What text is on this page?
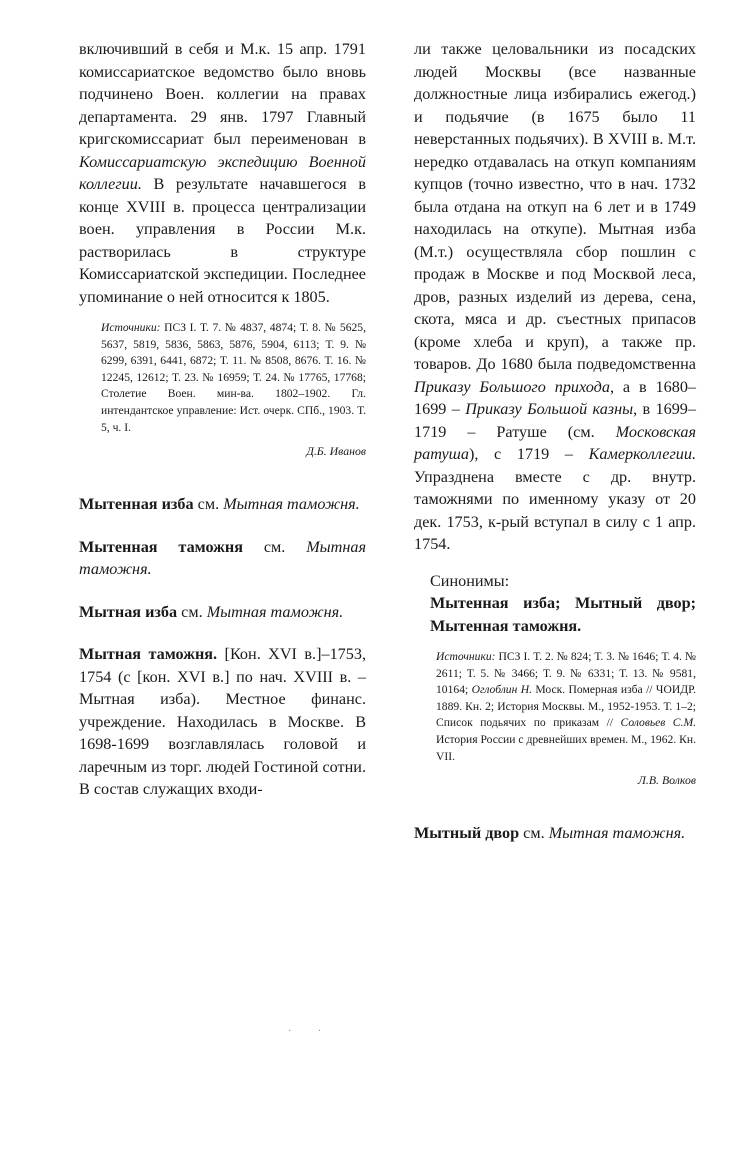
включивший в себя и М.к. 15 апр. 1791 комиссариатское ведомство было вновь подчинено Воен. коллегии на правах департамента. 29 янв. 1797 Главный кригскомиссариат был переименован в Комиссариатскую экспедицию Военной коллегии. В результате начавшегося в конце XVIII в. процесса централизации воен. управления в России М.к. растворилась в структуре Комиссариатской экспедиции. Последнее упоминание о ней относится к 1805.

Источники: ПСЗ I. Т. 7. № 4837, 4874; Т. 8. № 5625, 5637, 5819, 5836, 5863, 5876, 5904, 6113; Т. 9. № 6299, 6391, 6441, 6872; Т. 11. № 8508, 8676. Т. 16. № 12245, 12612; Т. 23. № 16959; Т. 24. № 17765, 17768; Столетие Воен. мин-ва. 1802–1902. Гл. интендантское управление: Ист. очерк. СПб., 1903. Т. 5, ч. I.

Д.Б. Иванов

Мытенная изба см. Мытная таможня.

Мытенная таможня см. Мытная таможня.

Мытная изба см. Мытная таможня.

Мытная таможня. [Кон. XVI в.]–1753, 1754 (с [кон. XVI в.] по нач. XVIII в. – Мытная изба). Местное финанс. учреждение. Находилась в Москве. В 1698-1699 возглавлялась головой и ларечным из торг. людей Гостиной сотни. В состав служащих входи-

ли также целовальники из посадских людей Москвы (все названные должностные лица избирались ежегод.) и подьячие (в 1675 было 11 неверстанных подьячих). В XVIII в. М.т. нередко отдавалась на откуп компаниям купцов (точно известно, что в нач. 1732 была отдана на откуп на 6 лет и в 1749 находилась на откупе). Мытная изба (М.т.) осуществляла сбор пошлин с продаж в Москве и под Москвой леса, дров, разных изделий из дерева, сена, скота, мяса и др. съестных припасов (кроме хлеба и круп), а также пр. товаров. До 1680 была подведомственна Приказу Большого прихода, а в 1680–1699 – Приказу Большой казны, в 1699–1719 – Ратуше (см. Московская ратуша), с 1719 – Камерколлегии. Упразднена вместе с др. внутр. таможнями по именному указу от 20 дек. 1753, к-рый вступал в силу с 1 апр. 1754.

Синонимы:

Мытенная изба; Мытный двор; Мытенная таможня.

Источники: ПСЗ I. Т. 2. № 824; Т. 3. № 1646; Т. 4. № 2611; Т. 5. № 3466; Т. 9. № 6331; Т. 13. № 9581, 10164; Оглоблин Н. Моск. Померная изба // ЧОИДР. 1889. Кн. 2; История Москвы. М., 1952-1953. Т. 1–2; Список подьячих по приказам // Соловьев С.М. История России с древнейших времен. М., 1962. Кн. VII.

Л.В. Волков

Мытный двор см. Мытная таможня.

· ·
